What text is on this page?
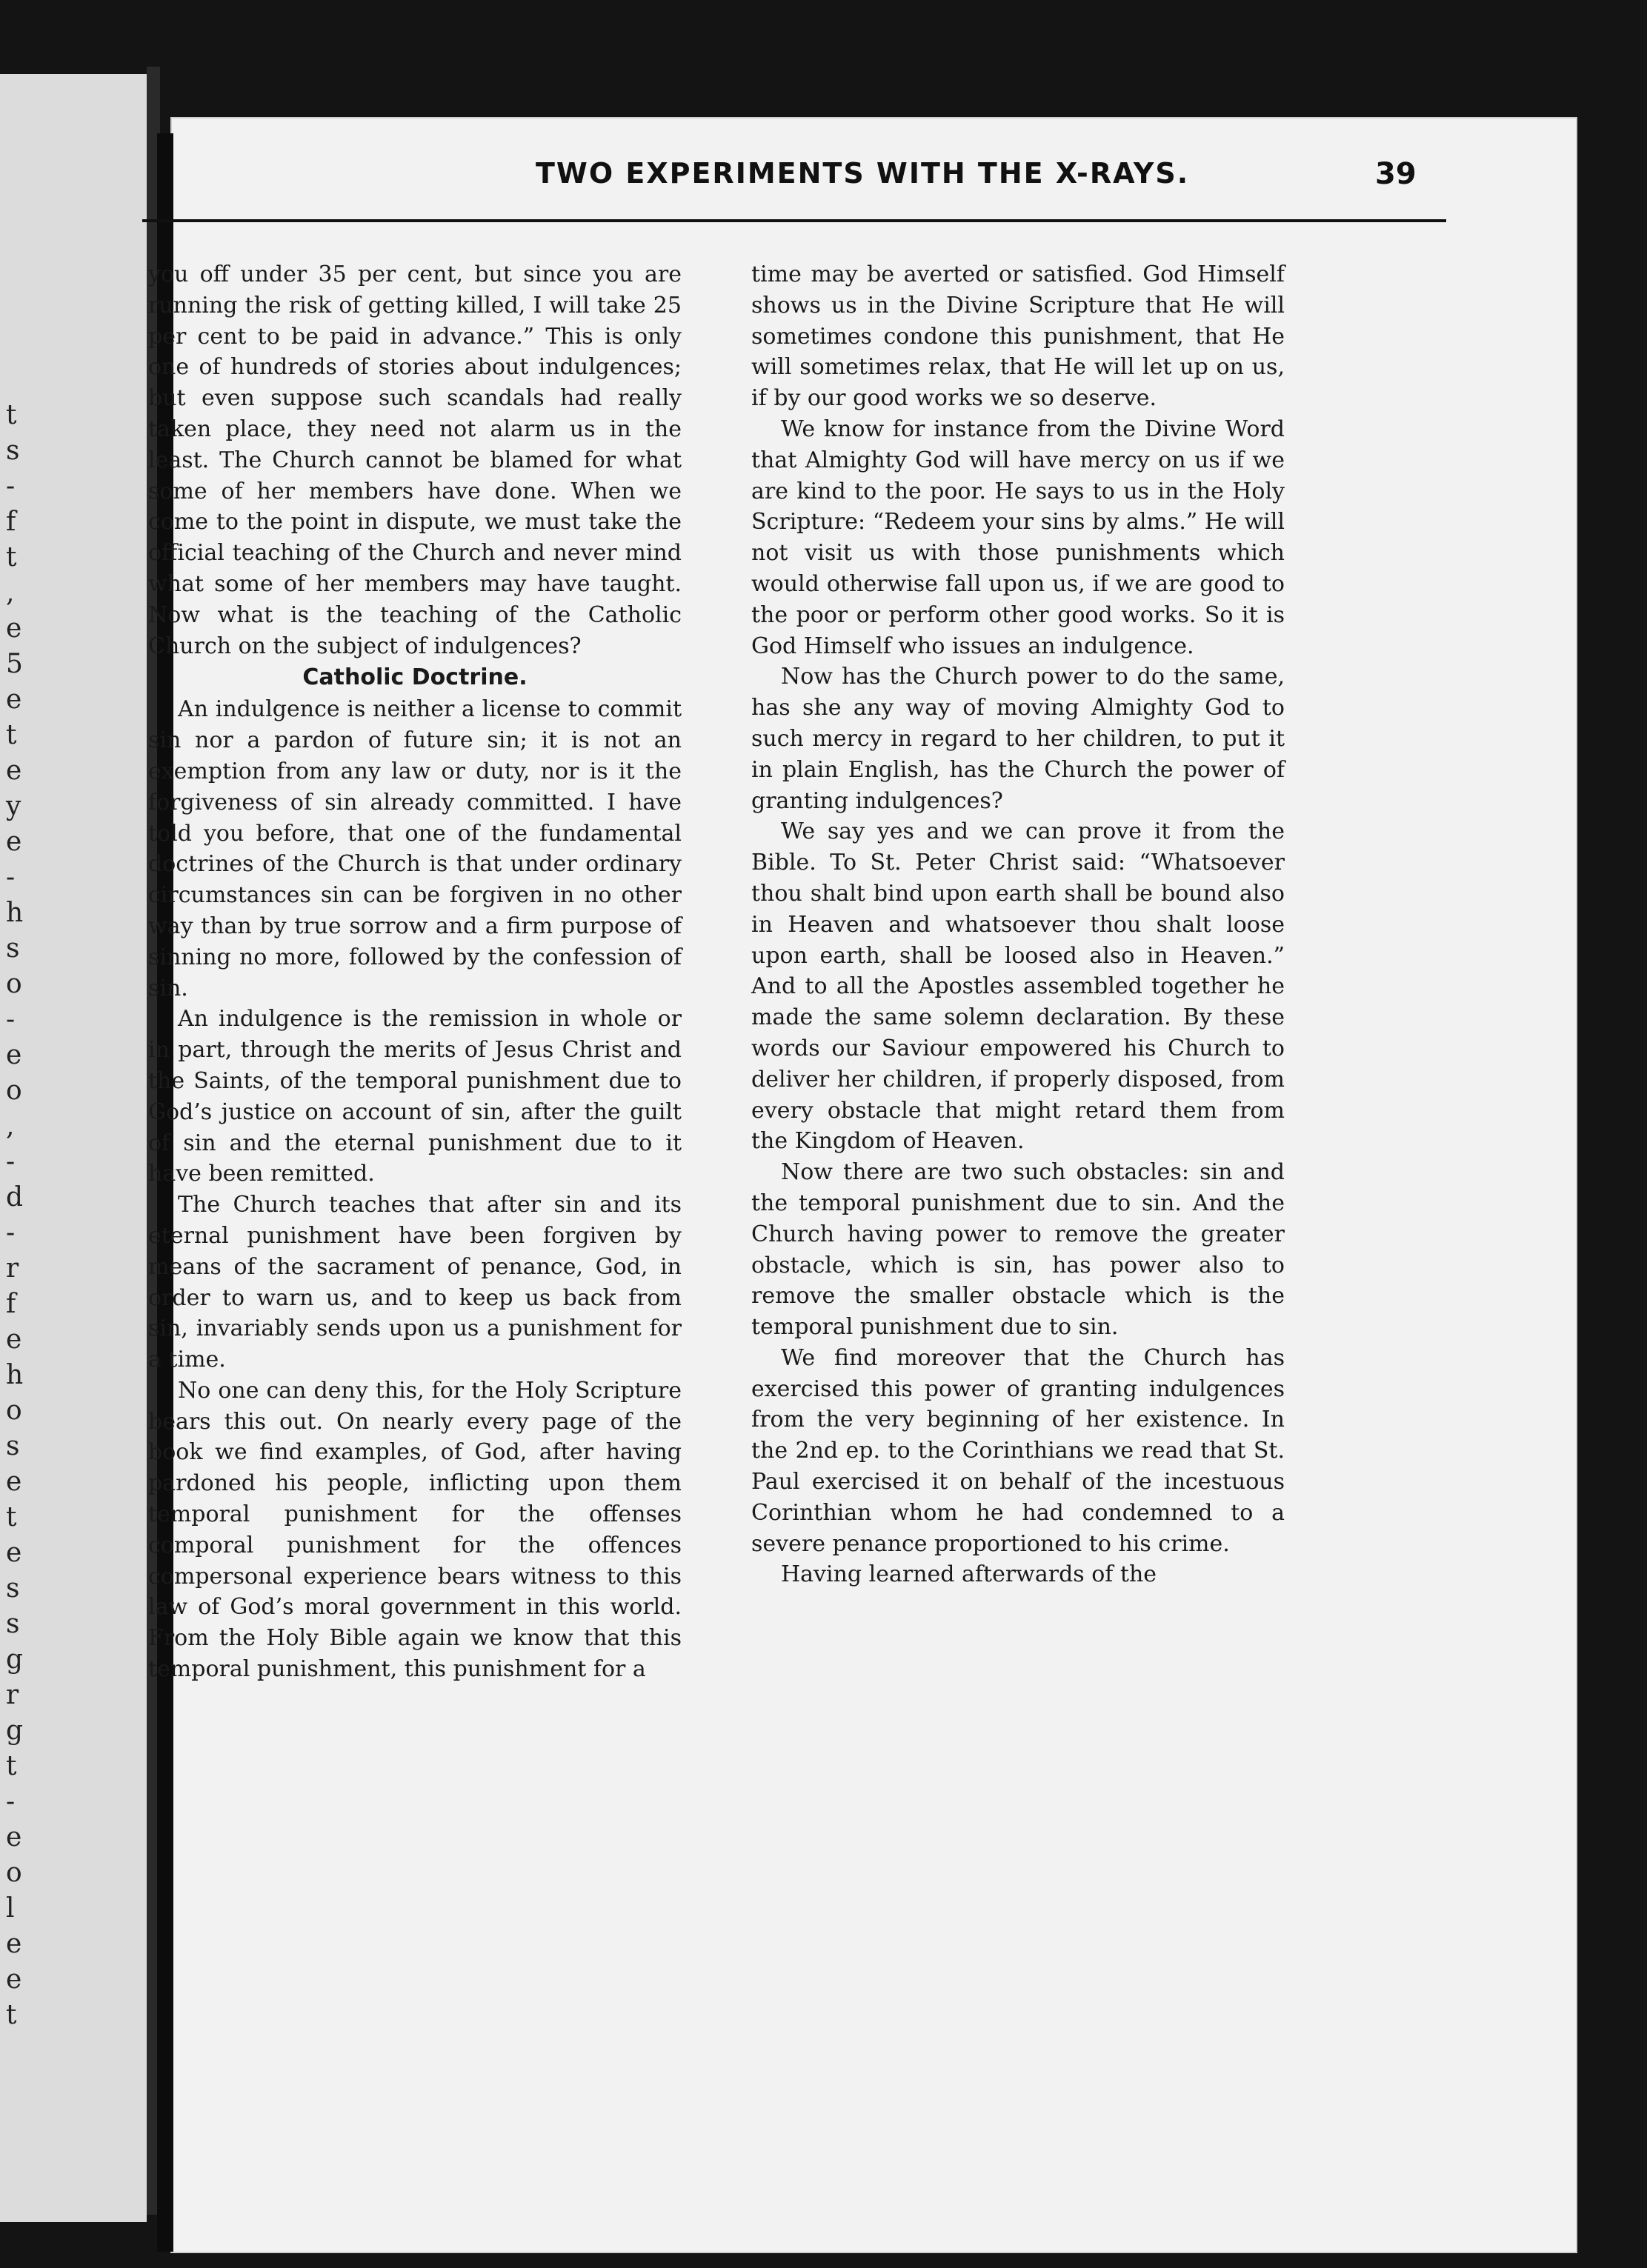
t
s
-
f
t
,
e
5
e
t
e
y
e
-
h
s
o
-
e
o
,
-
d
-
r
f
e
h
o
s
e
t
e
s
s
g
r
g
t
-
e
o
l
e
e
t
TWO EXPERIMENTS WITH THE X-RAYS.	39

you off under 35 per cent, but since you are running the risk of getting killed, I will take 25 per cent to be paid in advance.” This is only one of hundreds of stories about indulgences; but even suppose such scandals had really taken place, they need not alarm us in the least. The Church cannot be blamed for what some of her members have done. When we come to the point in dispute, we must take the official teaching of the Church and never mind what some of her members may have taught. Now what is the teaching of the Catholic Church on the subject of indulgences?

Catholic Doctrine.

An indulgence is neither a license to commit sin nor a pardon of future sin; it is not an exemption from any law or duty, nor is it the forgiveness of sin already committed. I have told you before, that one of the fundamental doctrines of the Church is that under ordinary circumstances sin can be forgiven in no other way than by true sorrow and a firm purpose of sinning no more, followed by the confession of sin.

An indulgence is the remission in whole or in part, through the merits of Jesus Christ and the Saints, of the temporal punishment due to God’s justice on account of sin, after the guilt of sin and the eternal punishment due to it have been remitted.

The Church teaches that after sin and its eternal punishment have been forgiven by means of the sacrament of penance, God, in order to warn us, and to keep us back from sin, invariably sends upon us a punishment for a time.

No one can deny this, for the Holy Scripture bears this out. On nearly every page of the book we find examples, of God, after having pardoned his people, inflicting upon them temporal punishment for the offenses comporal punishment for the offences compersonal experience bears witness to this law of God’s moral government in this world. From the Holy Bible again we know that this temporal punishment, this punishment for a

time may be averted or satisfied. God Himself shows us in the Divine Scripture that He will sometimes condone this punishment, that He will sometimes relax, that He will let up on us, if by our good works we so deserve.

We know for instance from the Divine Word that Almighty God will have mercy on us if we are kind to the poor. He says to us in the Holy Scripture: “Redeem your sins by alms.” He will not visit us with those punishments which would otherwise fall upon us, if we are good to the poor or perform other good works. So it is God Himself who issues an indulgence.

Now has the Church power to do the same, has she any way of moving Almighty God to such mercy in regard to her children, to put it in plain English, has the Church the power of granting indulgences?

We say yes and we can prove it from the Bible. To St. Peter Christ said: “Whatsoever thou shalt bind upon earth shall be bound also in Heaven and whatsoever thou shalt loose upon earth, shall be loosed also in Heaven.” And to all the Apostles assembled together he made the same solemn declaration. By these words our Saviour empowered his Church to deliver her children, if properly disposed, from every obstacle that might retard them from the Kingdom of Heaven.

Now there are two such obstacles: sin and the temporal punishment due to sin. And the Church having power to remove the greater obstacle, which is sin, has power also to remove the smaller obstacle which is the temporal punishment due to sin.

We find moreover that the Church has exercised this power of granting indulgences from the very beginning of her existence. In the 2nd ep. to the Corinthians we read that St. Paul exercised it on behalf of the incestuous Corinthian whom he had condemned to a severe penance proportioned to his crime.

Having learned afterwards of the
